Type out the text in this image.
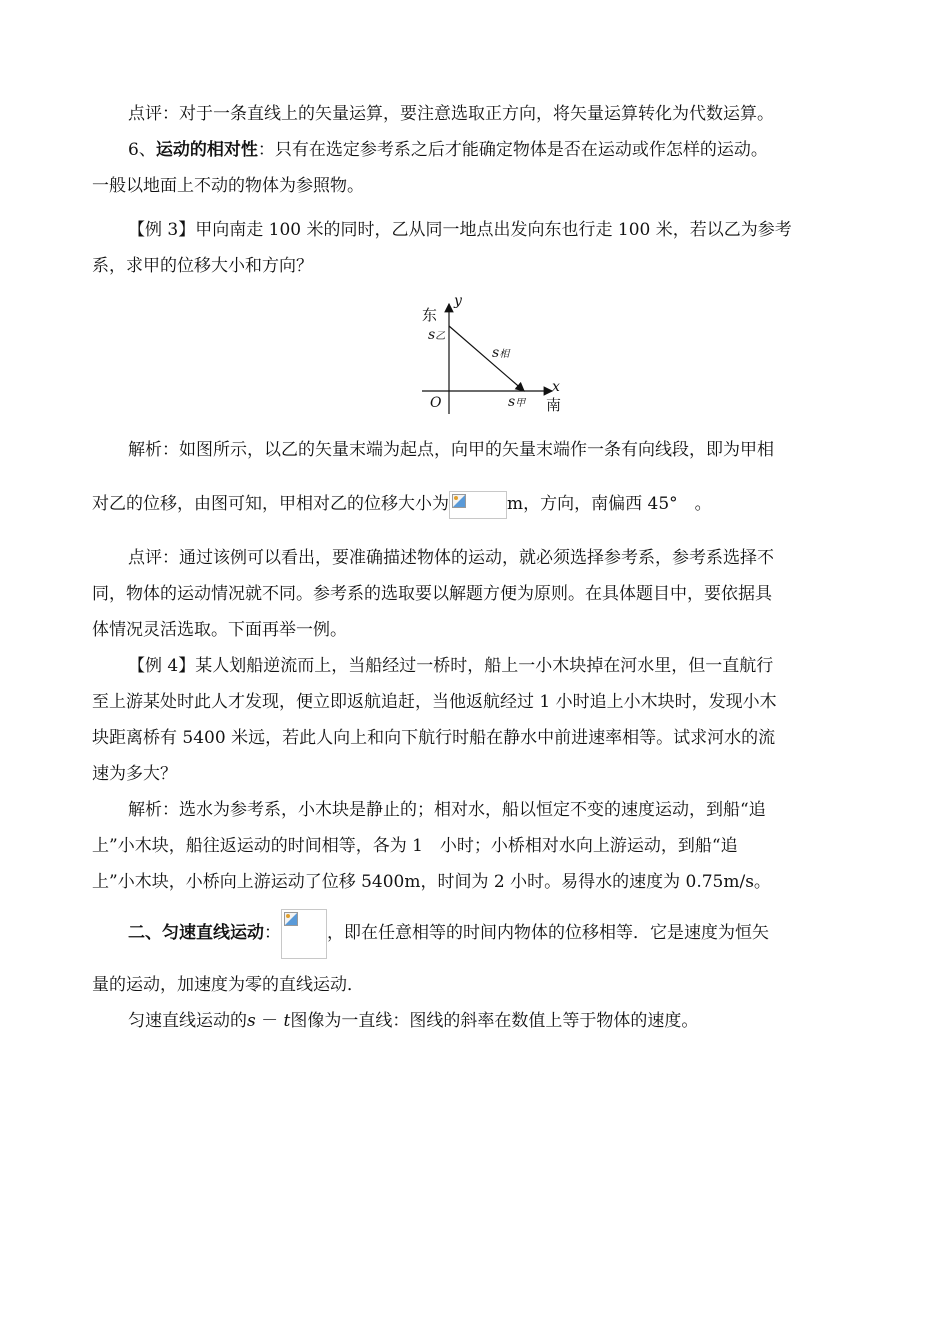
点评：对于一条直线上的矢量运算，要注意选取正方向，将矢量运算转化为代数运算。

6、运动的相对性：只有在选定参考系之后才能确定物体是否在运动或作怎样的运动。

一般以地面上不动的物体为参照物。

【例 3】甲向南走 100 米的同时，乙从同一地点出发向东也行走 100 米，若以乙为参考

系，求甲的位移大小和方向？

东
y
s乙
s相
O	s甲
x
南

解析：如图所示，以乙的矢量末端为起点，向甲的矢量末端作一条有向线段，即为甲相

对乙的位移，由图可知，甲相对乙的位移大小为	m，方向，南偏西 45°　。

点评：通过该例可以看出，要准确描述物体的运动，就必须选择参考系，参考系选择不

同，物体的运动情况就不同。参考系的选取要以解题方便为原则。在具体题目中，要依据具

体情况灵活选取。下面再举一例。

【例 4】某人划船逆流而上，当船经过一桥时，船上一小木块掉在河水里，但一直航行

至上游某处时此人才发现，便立即返航追赶，当他返航经过 1 小时追上小木块时，发现小木

块距离桥有 5400 米远，若此人向上和向下航行时船在静水中前进速率相等。试求河水的流

速为多大？

解析：选水为参考系，小木块是静止的；相对水，船以恒定不变的速度运动，到船“追

上”小木块，船往返运动的时间相等，各为 1　小时；小桥相对水向上游运动，到船“追

上”小木块，小桥向上游运动了位移 5400m，时间为 2 小时。易得水的速度为 0.75m/s。

二、匀速直线运动：	，即在任意相等的时间内物体的位移相等．它是速度为恒矢

量的运动，加速度为零的直线运动．

匀速直线运动的s － t图像为一直线：图线的斜率在数值上等于物体的速度。
